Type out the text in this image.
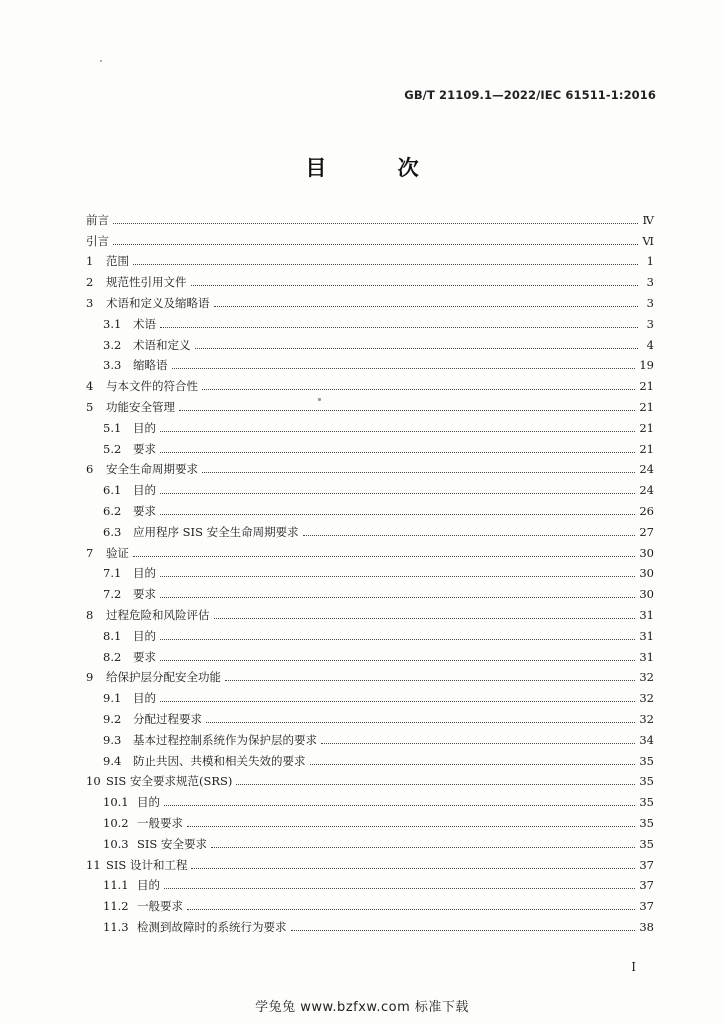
GB/T 21109.1—2022/IEC 61511-1:2016
目 次
前言	Ⅳ
引言	Ⅵ
1	范围	1
2	规范性引用文件	3
3	术语和定义及缩略语	3
3.1	术语	3
3.2	术语和定义	4
3.3	缩略语	19
4	与本文件的符合性	21
5	功能安全管理	21
5.1	目的	21
5.2	要求	21
6	安全生命周期要求	24
6.1	目的	24
6.2	要求	26
6.3	应用程序 SIS 安全生命周期要求	27
7	验证	30
7.1	目的	30
7.2	要求	30
8	过程危险和风险评估	31
8.1	目的	31
8.2	要求	31
9	给保护层分配安全功能	32
9.1	目的	32
9.2	分配过程要求	32
9.3	基本过程控制系统作为保护层的要求	34
9.4	防止共因、共模和相关失效的要求	35
10 SIS 安全要求规范(SRS)	35
10.1 目的	35
10.2 一般要求	35
10.3 SIS 安全要求	35
11 SIS 设计和工程	37
11.1 目的	37
11.2 一般要求	37
11.3 检测到故障时的系统行为要求	38
I
学兔兔 www.bzfxw.com 标准下载
